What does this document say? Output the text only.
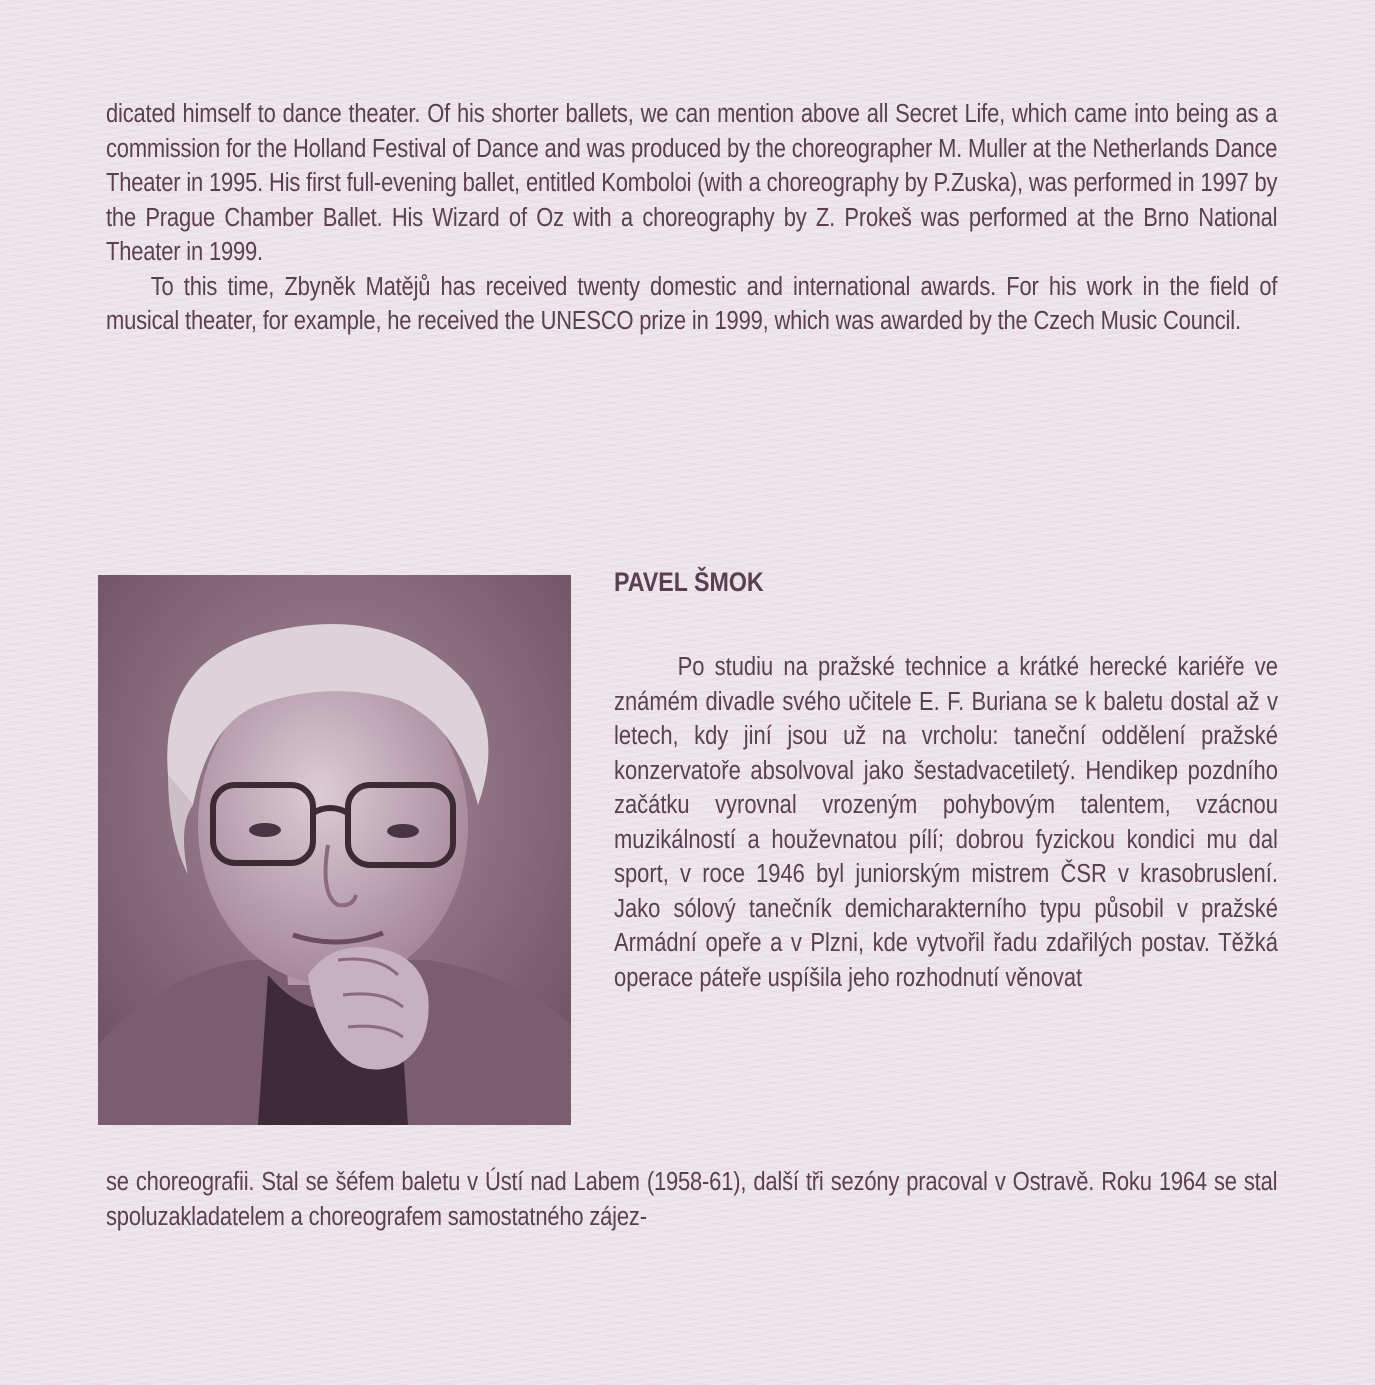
dicated himself to dance theater. Of his shorter ballets, we can mention above all Secret Life, which came into being as a commission for the Holland Festival of Dance and was produced by the choreographer M. Muller at the Netherlands Dance Theater in 1995. His first full-evening ballet, entitled Komboloi (with a choreography by P.Zuska), was performed in 1997 by the Prague Chamber Ballet. His Wizard of Oz with a choreography by Z. Prokeš was performed at the Brno National Theater in 1999.

To this time, Zbyněk Matějů has received twenty domestic and international awards. For his work in the field of musical theater, for example, he received the UNESCO prize in 1999, which was awarded by the Czech Music Council.

PAVEL ŠMOK
Po studiu na pražské technice a krátké herecké kariéře ve známém divadle svého učitele E. F. Buriana se k baletu dostal až v letech, kdy jiní jsou už na vrcholu: taneční oddělení pražské konzervatoře absolvoval jako šestadvacetiletý. Hendikep pozdního začátku vyrovnal vrozeným pohybovým talentem, vzácnou muzikálností a houževnatou pílí; dobrou fyzickou kondici mu dal sport, v roce 1946 byl juniorským mistrem ČSR v krasobruslení. Jako sólový tanečník demicharakterního typu působil v pražské Armádní opeře a v Plzni, kde vytvořil řadu zdařilých postav. Těžká operace páteře uspíšila jeho rozhodnutí věnovat

se choreografii. Stal se šéfem baletu v Ústí nad Labem (1958-61), další tři sezóny pracoval v Ostravě. Roku 1964 se stal spoluzakladatelem a choreografem samostatného zájez-
